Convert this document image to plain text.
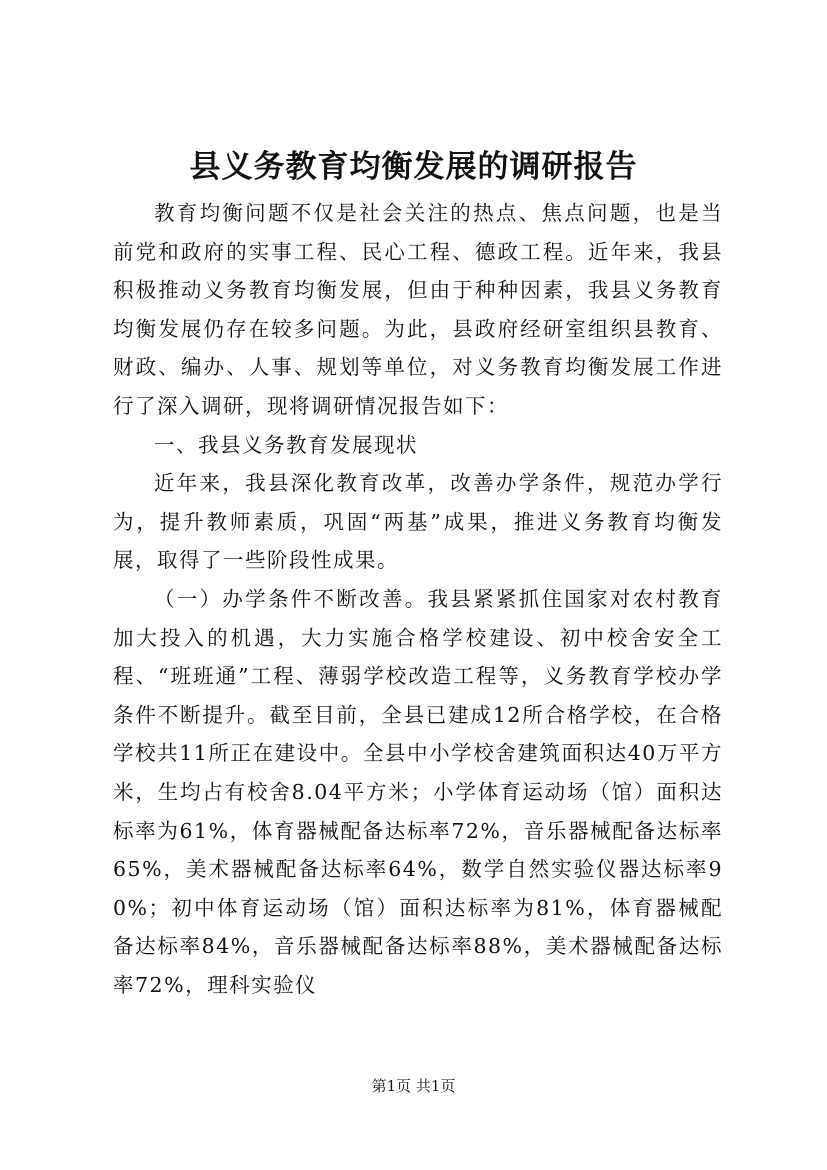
县义务教育均衡发展的调研报告

教育均衡问题不仅是社会关注的热点、焦点问题，也是当前党和政府的实事工程、民心工程、德政工程。近年来，我县积极推动义务教育均衡发展，但由于种种因素，我县义务教育均衡发展仍存在较多问题。为此，县政府经研室组织县教育、财政、编办、人事、规划等单位，对义务教育均衡发展工作进行了深入调研，现将调研情况报告如下：

一、我县义务教育发展现状

近年来，我县深化教育改革，改善办学条件，规范办学行为，提升教师素质，巩固“两基”成果，推进义务教育均衡发展，取得了一些阶段性成果。

（一）办学条件不断改善。我县紧紧抓住国家对农村教育加大投入的机遇，大力实施合格学校建设、初中校舍安全工程、“班班通”工程、薄弱学校改造工程等，义务教育学校办学条件不断提升。截至目前，全县已建成12所合格学校，在合格学校共11所正在建设中。全县中小学校舍建筑面积达40万平方米，生均占有校舍8.04平方米；小学体育运动场（馆）面积达标率为61%，体育器械配备达标率72%，音乐器械配备达标率65%，美术器械配备达标率64%，数学自然实验仪器达标率90%；初中体育运动场（馆）面积达标率为81%，体育器械配备达标率84%，音乐器械配备达标率88%，美术器械配备达标率72%，理科实验仪

第1页 共1页
